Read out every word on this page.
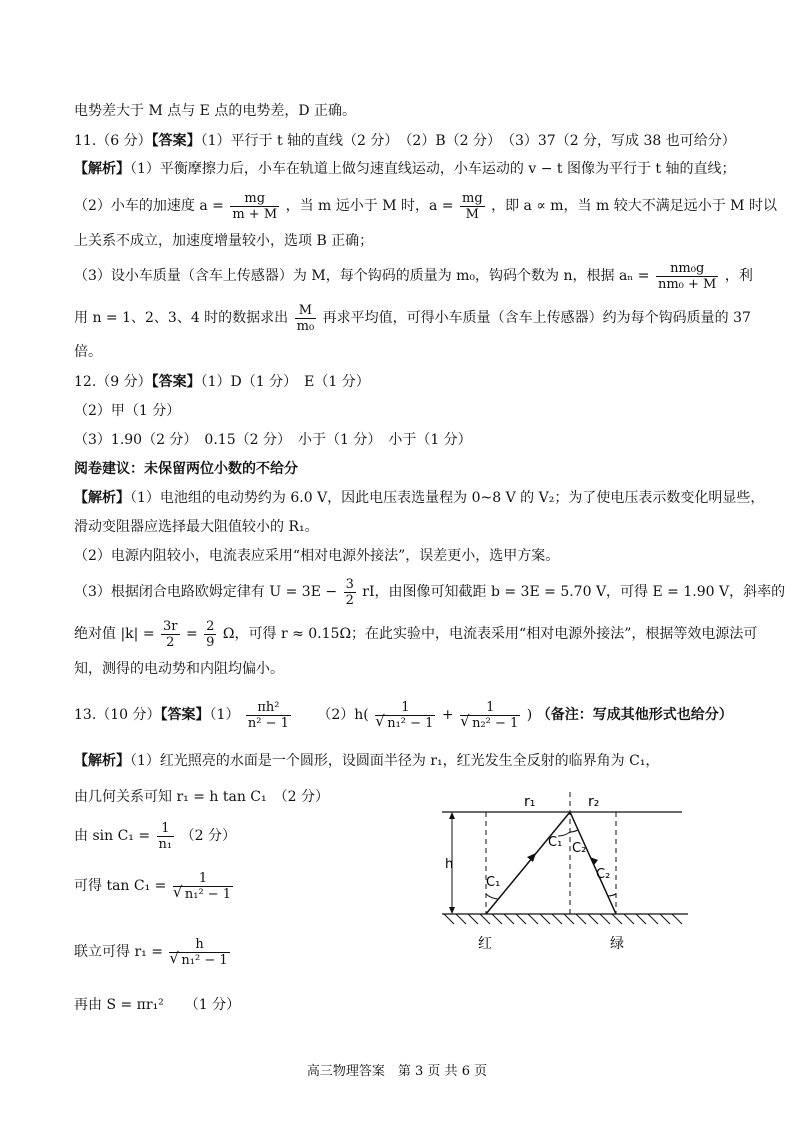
电势差大于 M 点与 E 点的电势差，D 正确。
11.（6 分）【答案】（1）平行于 t 轴的直线（2 分）　（2）B（2 分）　（3）37（2 分，写成 38 也可给分）
【解析】（1）平衡摩擦力后，小车在轨道上做匀速直线运动，小车运动的 v − t 图像为平行于 t 轴的直线；
（2）小车的加速度 $a = \frac{mg}{m + M}$ ，当 m 远小于 M 时，$a = \frac{mg}{M}$ ，即 a ∝ m，当 m 较大不满足远小于 M 时以
上关系不成立，加速度增量较小，选项 B 正确；
（3）设小车质量（含车上传感器）为 M，每个钩码的质量为 m₀，钩码个数为 n，根据 $a_n = \frac{\text{nm₀g}}{\text{nm₀ + M}}$ ，利
用 n = 1、2、3、4 时的数据求出 $\frac{M}{\text{m₀}}$ 再求平均值，可得小车质量（含车上传感器）约为每个钩码质量的 37
倍。
12.（9 分）【答案】（1）D（1 分）　E（1 分）
（2）甲（1 分）
（3）1.90（2 分）　0.15（2 分）　小于（1 分）　小于（1 分）
阅卷建议：未保留两位小数的不给分
【解析】（1）电池组的电动势约为 6.0 V，因此电压表选量程为 0~8 V 的 V₂；为了使电压表示数变化明显些，
滑动变阻器应选择最大阻值较小的 R₁。
（2）电源内阻较小，电流表应采用“相对电源外接法”，误差更小，选甲方案。
（3）根据闭合电路欧姆定律有 $U = 3E - \frac{3}{2}$ rI，由图像可知截距 b = 3E = 5.70 V，可得 E = 1.90 V，斜率的
绝对值 $|k| = \frac{3r}{2} = \frac{2}{9}$ Ω，可得 r ≈ 0.15Ω；在此实验中，电流表采用“相对电源外接法”，根据等效电源法可
知，测得的电动势和内阻均偏小。
13.（10 分）【答案】$(1) \frac{\text{πh²}}{\text{n² − 1}} (2)h$( 1
√ n₁² − 1 + 1
√ n₂² − 1 ) （备注：写成其他形式也给分）
【解析】（1）红光照亮的水面是一个圆形，设圆面半径为 r₁，红光发生全反射的临界角为 C₁，
由几何关系可知 r₁ = h tan C₁　（2 分）
由 $\sin C_1 = \frac{1}{\text{n₁}} (2$ 分）
可得 tan C₁ = 1
√ n₁² − 1
联立可得 r₁ = h
√ n₁² − 1
再由 S = πr₁²　　（1 分）
r₁	r₂
h
C₁
C₁ C₂
C₂
红	绿
高三物理答案　第 3 页 共 6 页
